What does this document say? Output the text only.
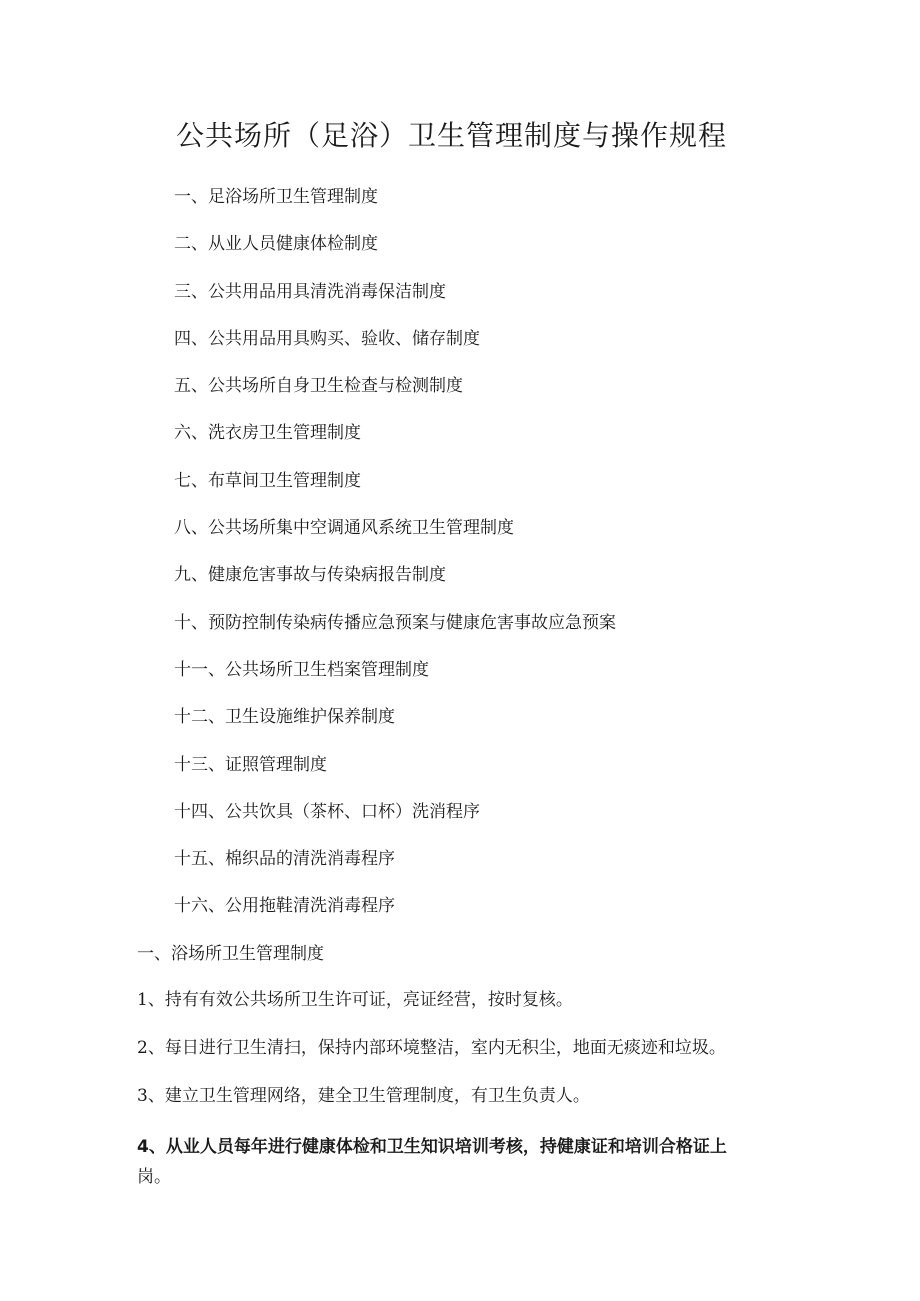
公共场所（足浴）卫生管理制度与操作规程
一、足浴场所卫生管理制度
二、从业人员健康体检制度
三、公共用品用具清洗消毒保洁制度
四、公共用品用具购买、验收、储存制度
五、公共场所自身卫生检查与检测制度
六、洗衣房卫生管理制度
七、布草间卫生管理制度
八、公共场所集中空调通风系统卫生管理制度
九、健康危害事故与传染病报告制度
十、预防控制传染病传播应急预案与健康危害事故应急预案
十一、公共场所卫生档案管理制度
十二、卫生设施维护保养制度
十三、证照管理制度
十四、公共饮具（茶杯、口杯）洗消程序
十五、棉织品的清洗消毒程序
十六、公用拖鞋清洗消毒程序
一、浴场所卫生管理制度
1、持有有效公共场所卫生许可证，亮证经营，按时复核。
2、每日进行卫生清扫，保持内部环境整洁，室内无积尘，地面无痰迹和垃圾。
3、建立卫生管理网络，建全卫生管理制度，有卫生负责人。
4、从业人员每年进行健康体检和卫生知识培训考核，持健康证和培训合格证上
岗。
